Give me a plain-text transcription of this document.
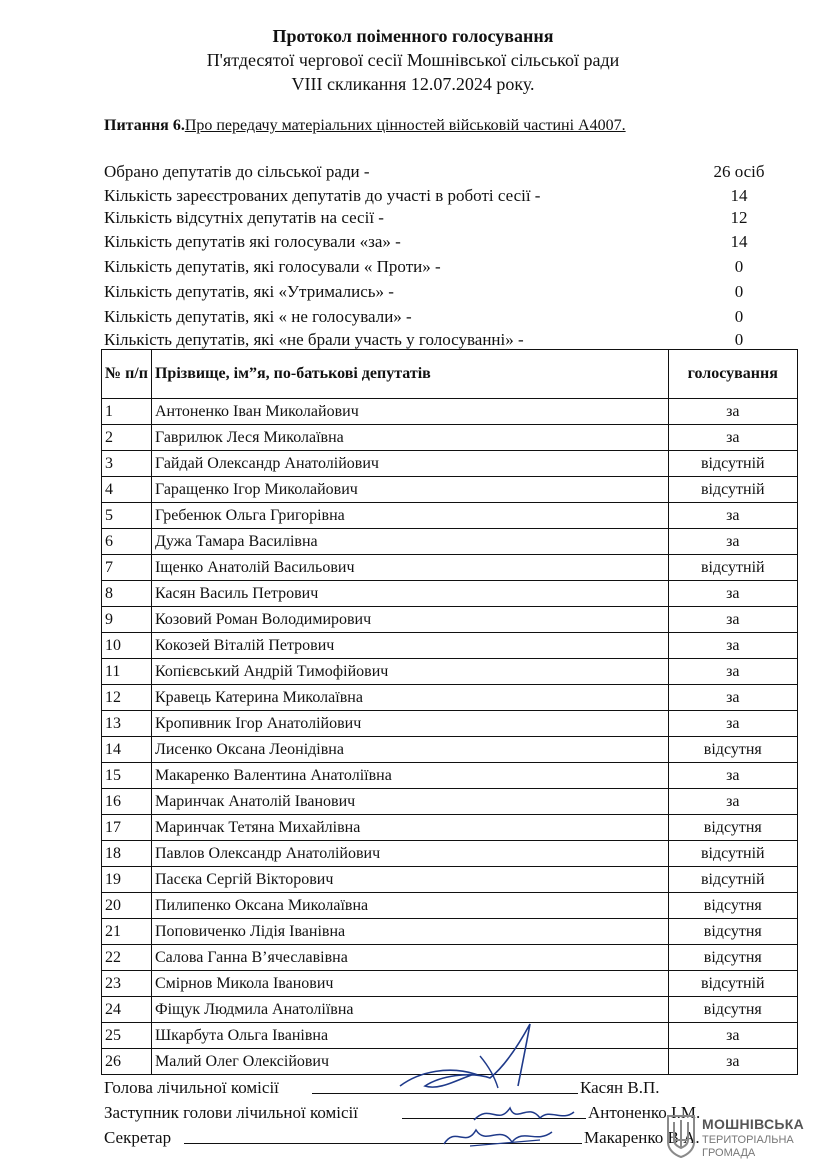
Протокол поіменного голосування
П'ятдесятої чергової сесії Мошнівської сільської ради
VIII скликання 12.07.2024 року.
Питання 6.Про передачу матеріальних цінностей військовій частині А4007.
Обрано депутатів до сільської ради -	26 осіб
Кількість зареєстрованих депутатів до участі в роботі сесії -	14
Кількість відсутніх депутатів на сесії -	12
Кількість депутатів які голосували «за» -	14
Кількість депутатів, які голосували « Проти» -	0
Кількість депутатів, які «Утримались» -	0
Кількість депутатів, які « не голосували» -	0
Кількість депутатів, які «не брали участь у голосуванні» -	0
№ п/п	Прізвище, ім”я, по-батькові депутатів	голосування
1	Антоненко Іван Миколайович	за
2	Гаврилюк Леся Миколаївна	за
3	Гайдай Олександр Анатолійович	відсутній
4	Гаращенко Ігор Миколайович	відсутній
5	Гребенюк Ольга Григорівна	за
6	Дужа Тамара Василівна	за
7	Іщенко Анатолій Васильович	відсутній
8	Касян Василь Петрович	за
9	Козовий Роман Володимирович	за
10	Кокозей Віталій Петрович	за
11	Копієвський Андрій Тимофійович	за
12	Кравець Катерина Миколаївна	за
13	Кропивник Ігор Анатолійович	за
14	Лисенко Оксана Леонідівна	відсутня
15	Макаренко Валентина Анатоліївна	за
16	Маринчак Анатолій Іванович	за
17	Маринчак Тетяна Михайлівна	відсутня
18	Павлов Олександр Анатолійович	відсутній
19	Пасєка Сергій Вікторович	відсутній
20	Пилипенко Оксана Миколаївна	відсутня
21	Поповиченко Лідія Іванівна	відсутня
22	Салова Ганна В’ячеславівна	відсутня
23	Смірнов Микола Іванович	відсутній
24	Фіщук Людмила Анатоліївна	відсутня
25	Шкарбута Ольга Іванівна	за
26	Малий Олег Олексійович	за
Голова лічильної комісії	Касян В.П.
Заступник голови лічильної комісії	Антоненко І.М.
Секретар	Макаренко В.А.
МОШНІВСЬКА
ТЕРИТОРІАЛЬНА
ГРОМАДА
